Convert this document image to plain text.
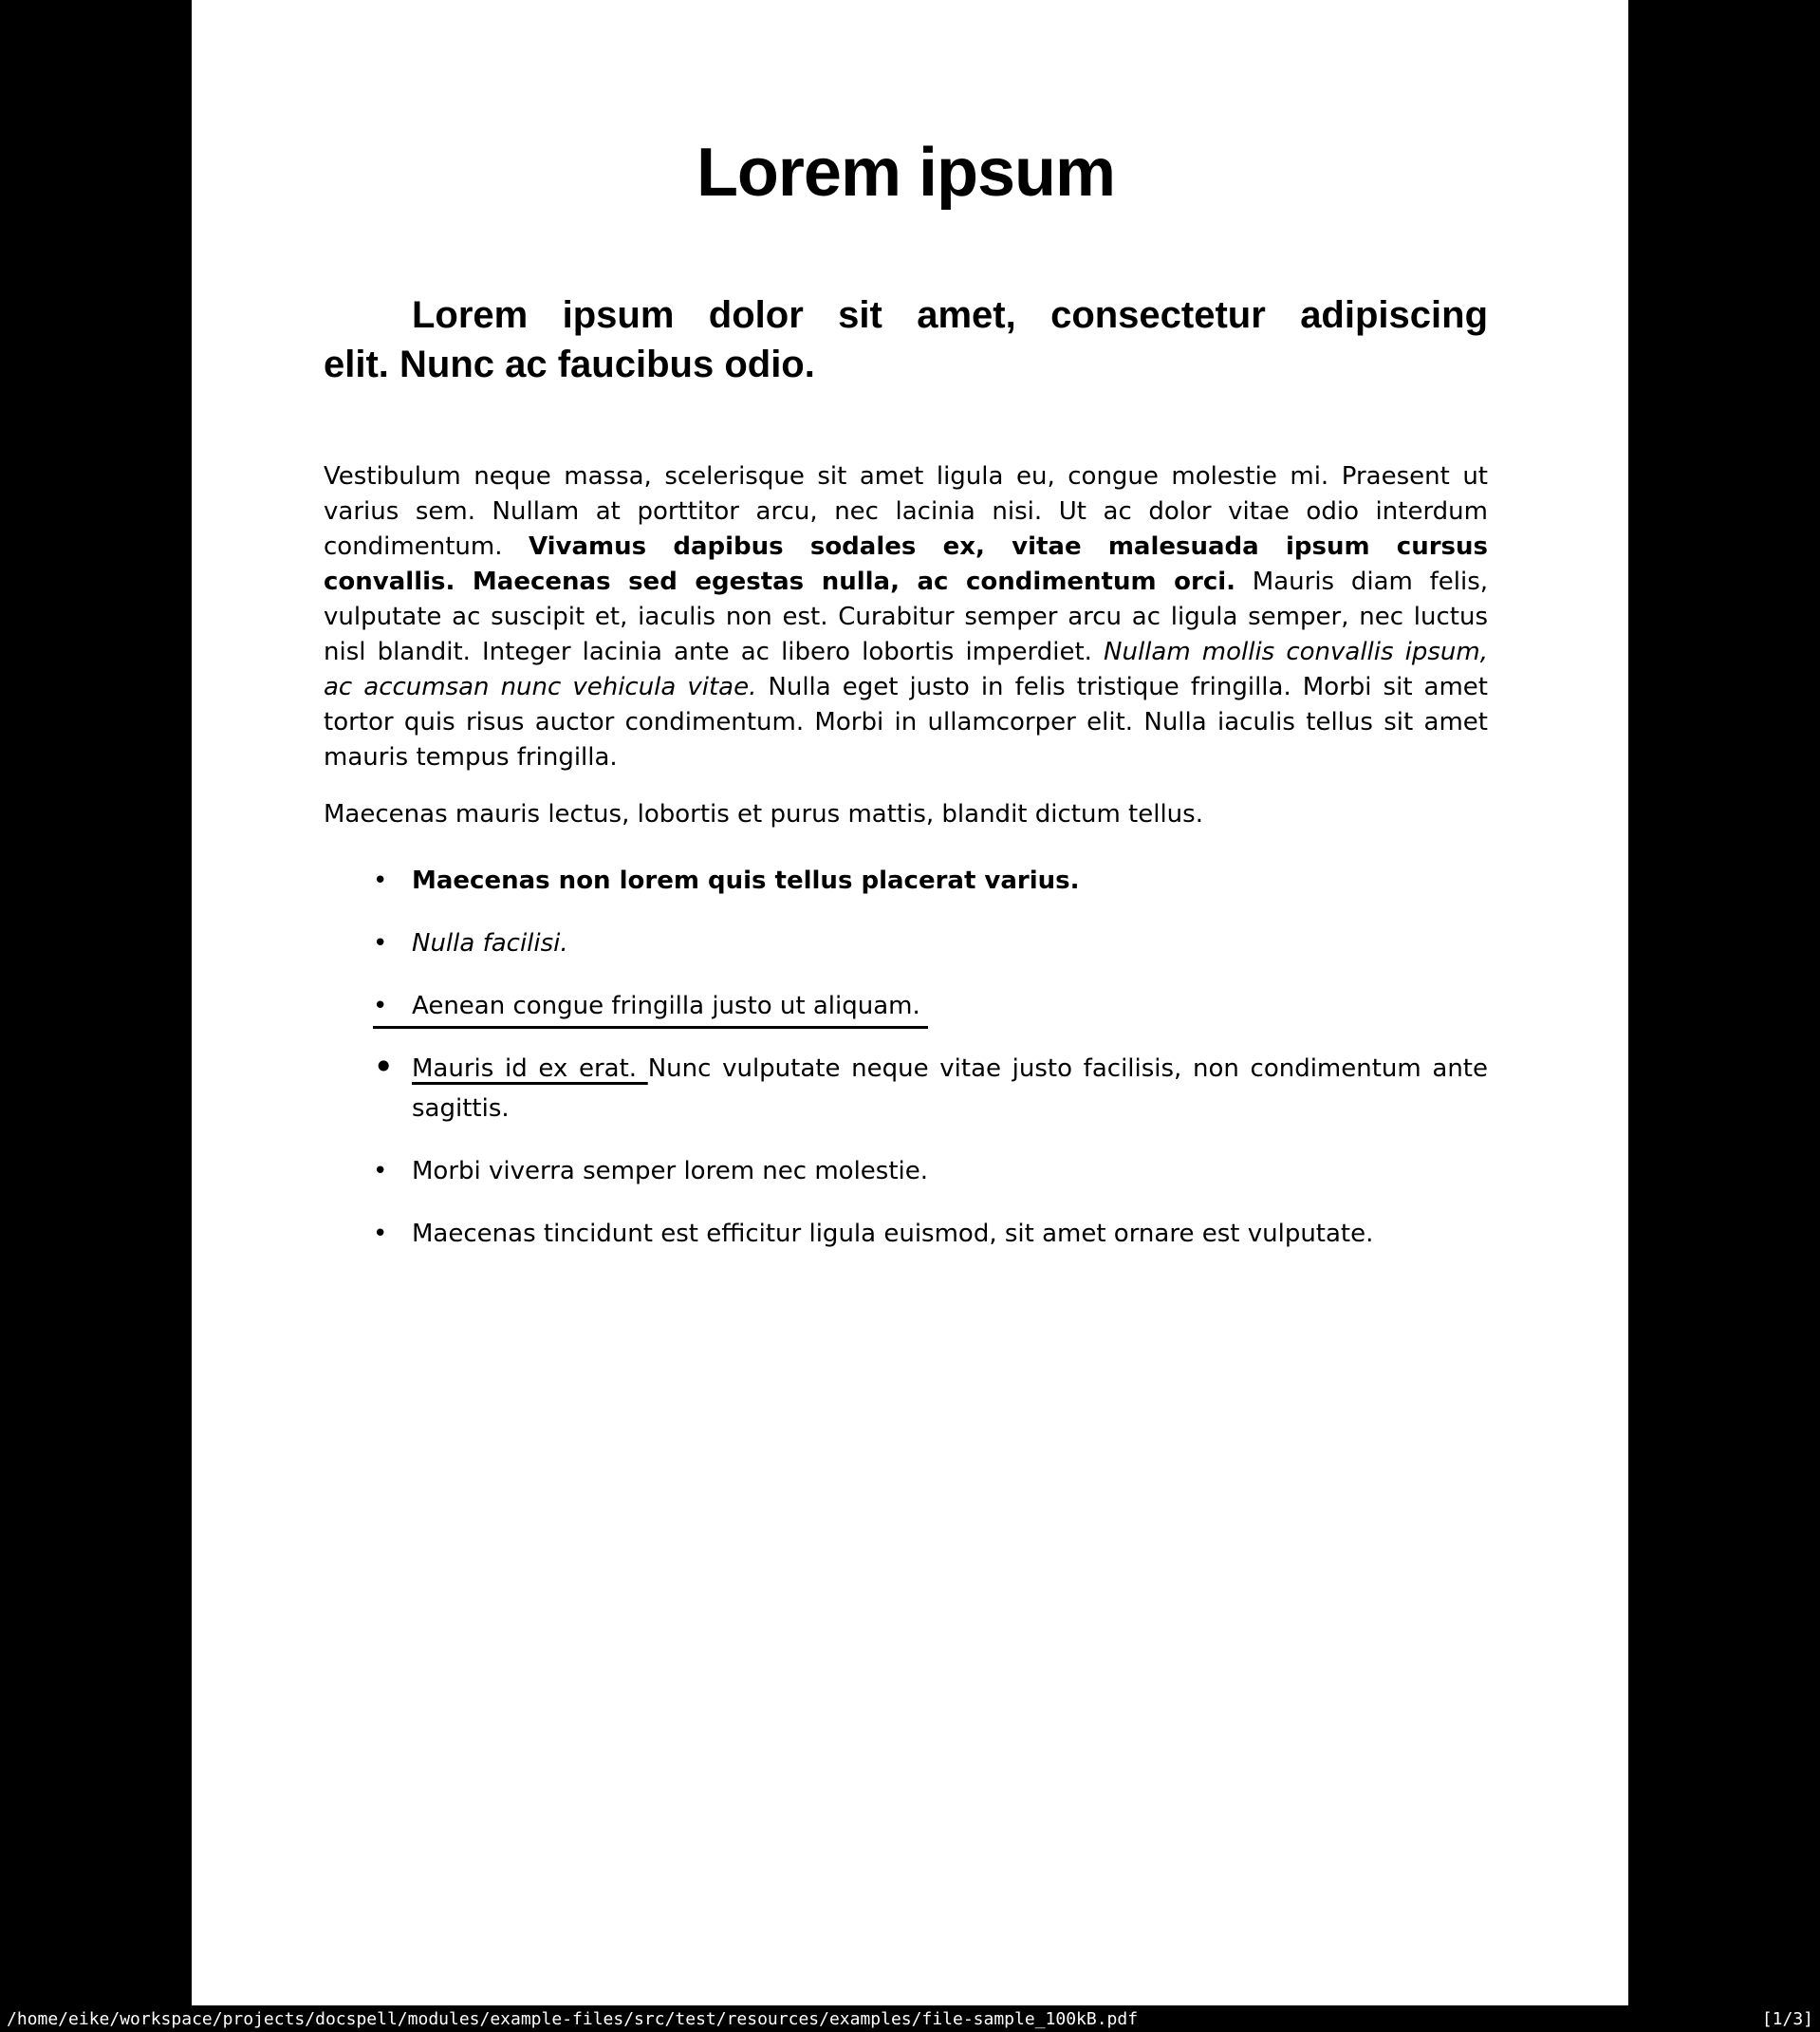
Lorem ipsum
Lorem ipsum dolor sit amet, consectetur adipiscing
elit. Nunc ac faucibus odio.
Vestibulum neque massa, scelerisque sit amet ligula eu, congue molestie mi. Praesent ut
varius sem. Nullam at porttitor arcu, nec lacinia nisi. Ut ac dolor vitae odio interdum
condimentum. Vivamus dapibus sodales ex, vitae malesuada ipsum cursus
convallis. Maecenas sed egestas nulla, ac condimentum orci. Mauris diam felis,
vulputate ac suscipit et, iaculis non est. Curabitur semper arcu ac ligula semper, nec luctus
nisl blandit. Integer lacinia ante ac libero lobortis imperdiet. Nullam mollis convallis ipsum,
ac accumsan nunc vehicula vitae. Nulla eget justo in felis tristique fringilla. Morbi sit amet
tortor quis risus auctor condimentum. Morbi in ullamcorper elit. Nulla iaculis tellus sit amet
mauris tempus fringilla.
Maecenas mauris lectus, lobortis et purus mattis, blandit dictum tellus.
• Maecenas non lorem quis tellus placerat varius.
• Nulla facilisi.
• Aenean congue fringilla justo ut aliquam.
• Mauris id ex erat. Nunc vulputate neque vitae justo facilisis, non condimentum ante
sagittis.
• Morbi viverra semper lorem nec molestie.
• Maecenas tincidunt est efficitur ligula euismod, sit amet ornare est vulputate.
/home/eike/workspace/projects/docspell/modules/example-files/src/test/resources/examples/file-sample_100kB.pdf	[1/3]
